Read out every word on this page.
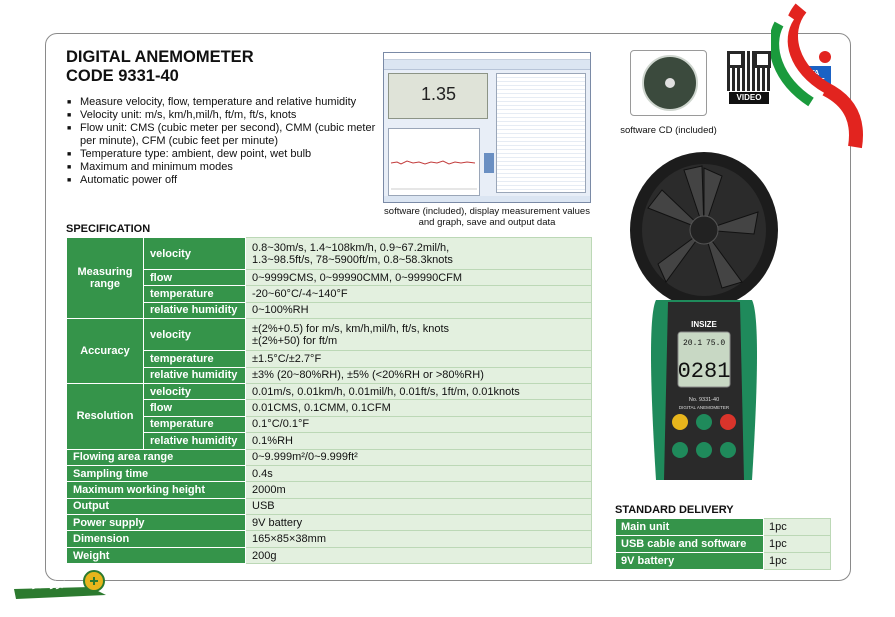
DIGITAL ANEMOMETER
CODE 9331-40
■ Measure velocity, flow, temperature and relative humidity
■ Velocity unit: m/s, km/h,mil/h, ft/m, ft/s, knots
■ Flow unit: CMS (cubic meter per second), CMM (cubic meter per minute), CFM (cubic feet per minute)
■ Temperature type: ambient, dew point, wet bulb
■ Maximum and minimum modes
■ Automatic power off
1.35
software (included), display measurement values and graph, save and output data
software CD (included)
VIDEO
DATA OUTPUT
INSIZE
20.1 75.0
0281
No. 9331-40
DIGITAL ANEMOMETER
SPECIFICATION
Measuring range	velocity	0.8~30m/s, 1.4~108km/h, 0.9~67.2mil/h,
1.3~98.5ft/s, 78~5900ft/m, 0.8~58.3knots

	flow	0~9999CMS, 0~99990CMM, 0~99990CFM
	temperature	-20~60°C/-4~140°F
	relative humidity	0~100%RH
Accuracy	velocity	±(2%+0.5) for m/s, km/h,mil/h, ft/s, knots
±(2%+50) for ft/m

	temperature	±1.5°C/±2.7°F
	relative humidity	±3% (20~80%RH), ±5% (<20%RH or >80%RH)
Resolution	velocity	0.01m/s, 0.01km/h, 0.01mil/h, 0.01ft/s, 1ft/m, 0.01knots
	flow	0.01CMS, 0.1CMM, 0.1CFM
	temperature	0.1°C/0.1°F
	relative humidity	0.1%RH
Flowing area range		0~9.999m²/0~9.999ft²
Sampling time		0.4s
Maximum working height		2000m
Output		USB
Power supply		9V battery
Dimension		165×85×38mm
Weight		200g
STANDARD DELIVERY
Main unit	1pc
USB cable and software	1pc
9V battery	1pc
ابزار سیار
